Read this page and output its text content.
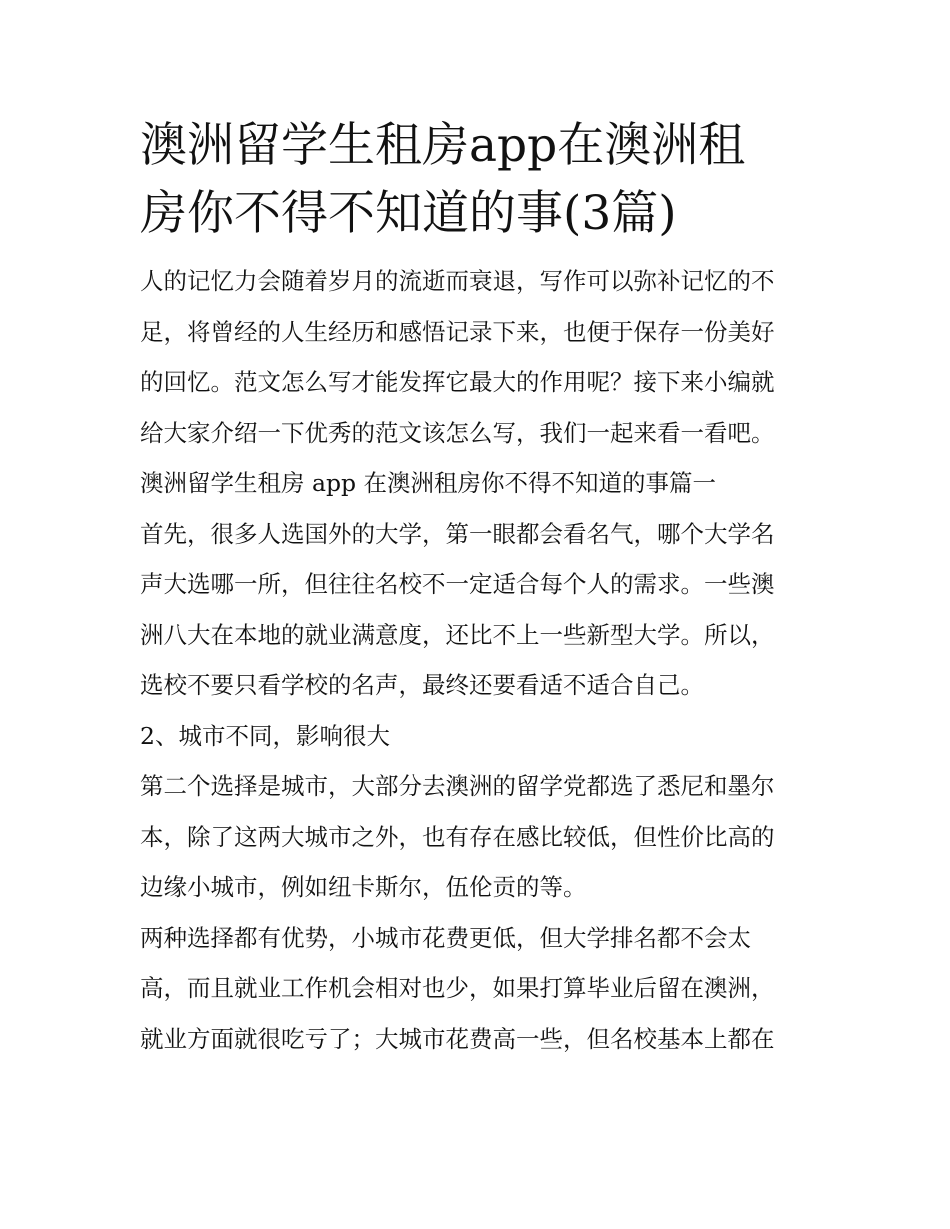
澳洲留学生租房app在澳洲租
房你不得不知道的事(3篇)
人的记忆力会随着岁月的流逝而衰退，写作可以弥补记忆的不
足，将曾经的人生经历和感悟记录下来，也便于保存一份美好
的回忆。范文怎么写才能发挥它最大的作用呢？接下来小编就
给大家介绍一下优秀的范文该怎么写，我们一起来看一看吧。
澳洲留学生租房 app 在澳洲租房你不得不知道的事篇一
首先，很多人选国外的大学，第一眼都会看名气，哪个大学名
声大选哪一所，但往往名校不一定适合每个人的需求。一些澳
洲八大在本地的就业满意度，还比不上一些新型大学。所以，
选校不要只看学校的名声，最终还要看适不适合自己。
2、城市不同，影响很大
第二个选择是城市，大部分去澳洲的留学党都选了悉尼和墨尔
本，除了这两大城市之外，也有存在感比较低，但性价比高的
边缘小城市，例如纽卡斯尔，伍伦贡的等。
两种选择都有优势，小城市花费更低，但大学排名都不会太
高，而且就业工作机会相对也少，如果打算毕业后留在澳洲，
就业方面就很吃亏了；大城市花费高一些，但名校基本上都在
